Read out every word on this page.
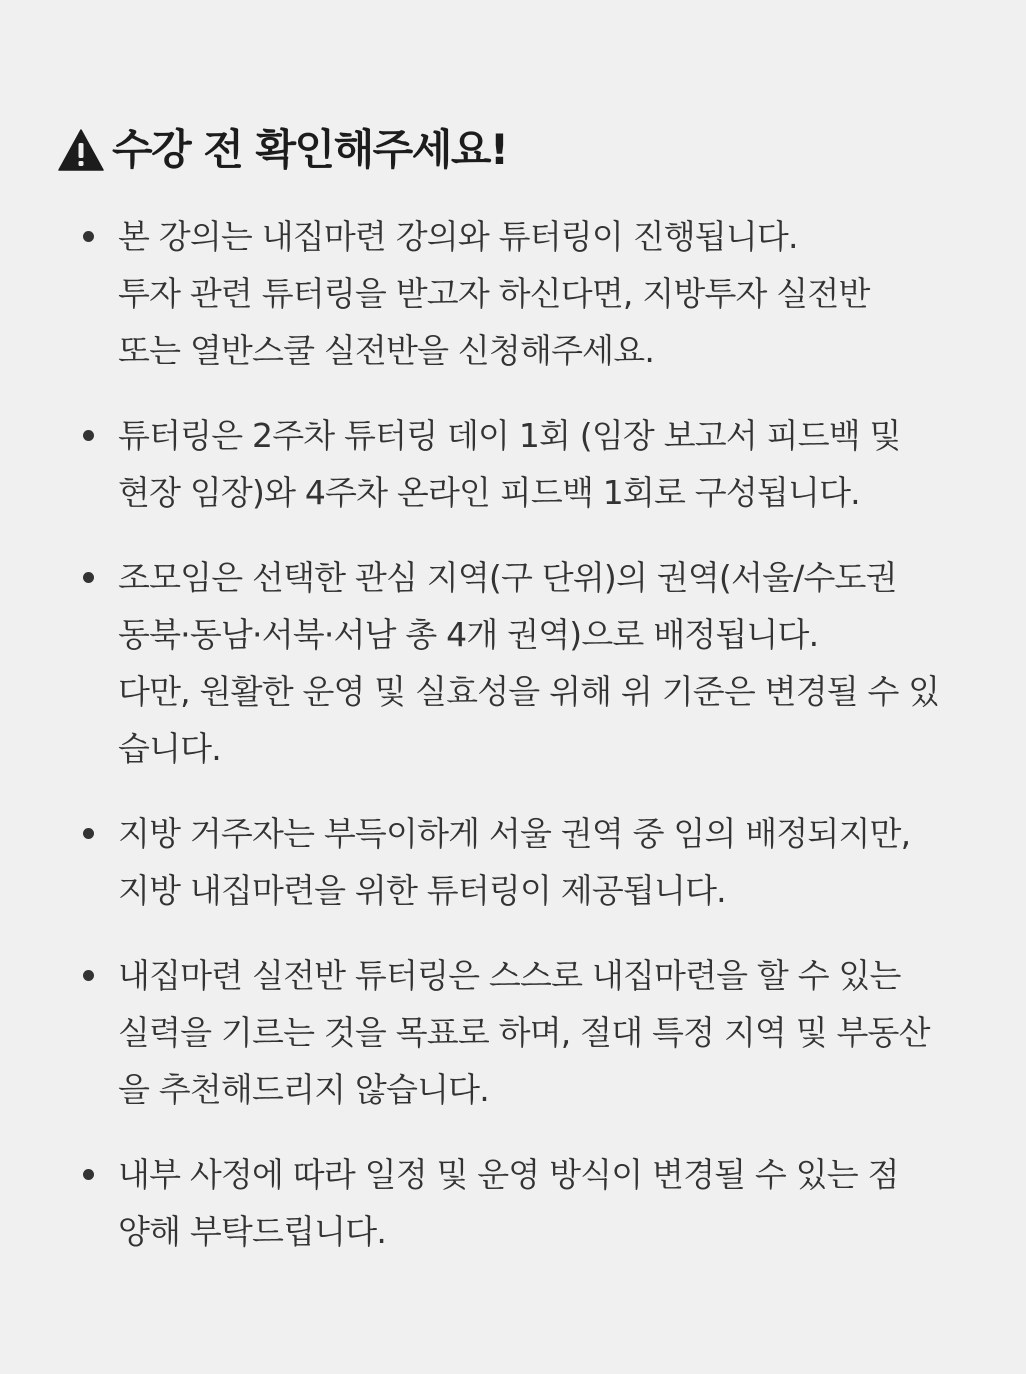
수강 전 확인해주세요!
본 강의는 내집마련 강의와 튜터링이 진행됩니다.
투자 관련 튜터링을 받고자 하신다면, 지방투자 실전반
또는 열반스쿨 실전반을 신청해주세요.
튜터링은 2주차 튜터링 데이 1회 (임장 보고서 피드백 및
현장 임장)와 4주차 온라인 피드백 1회로 구성됩니다.
조모임은 선택한 관심 지역(구 단위)의 권역(서울/수도권
동북·동남·서북·서남 총 4개 권역)으로 배정됩니다.
다만, 원활한 운영 및 실효성을 위해 위 기준은 변경될 수 있
습니다.
지방 거주자는 부득이하게 서울 권역 중 임의 배정되지만,
지방 내집마련을 위한 튜터링이 제공됩니다.
내집마련 실전반 튜터링은 스스로 내집마련을 할 수 있는
실력을 기르는 것을 목표로 하며, 절대 특정 지역 및 부동산
을 추천해드리지 않습니다.
내부 사정에 따라 일정 및 운영 방식이 변경될 수 있는 점
양해 부탁드립니다.
